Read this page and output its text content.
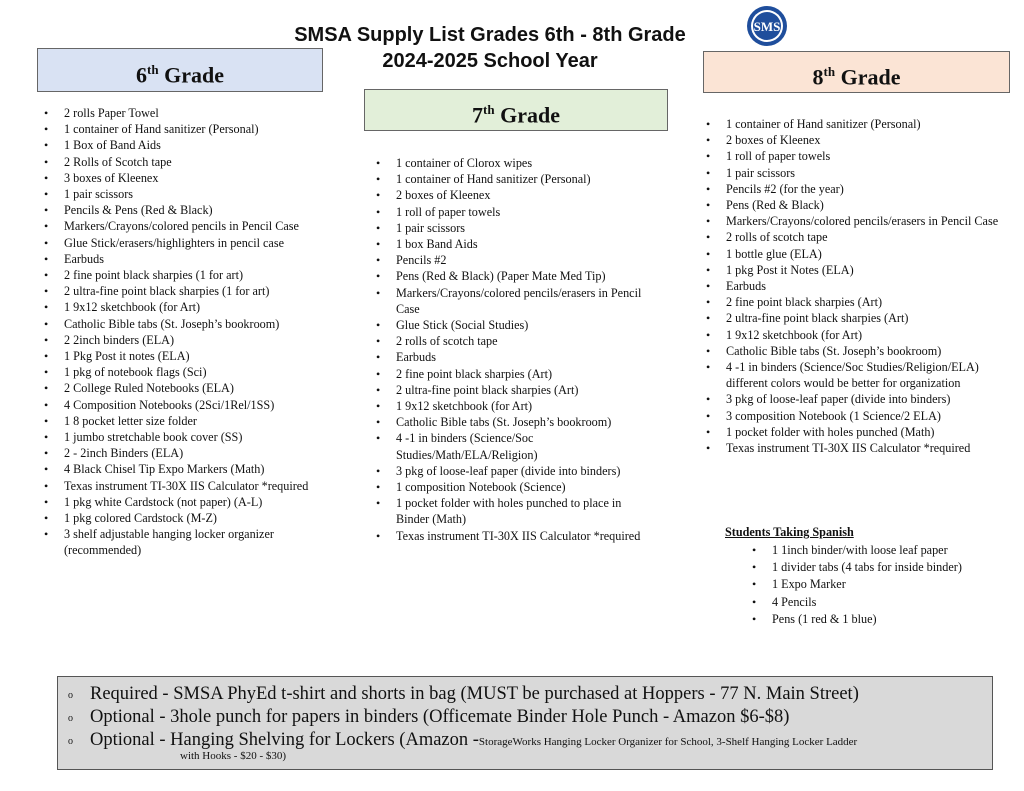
SMSA Supply List Grades 6th - 8th Grade
2024-2025 School Year
SMS
6th Grade
7th Grade
8th Grade
• 2 rolls Paper Towel
• 1 container of Hand sanitizer (Personal)
• 1 Box of Band Aids
• 2 Rolls of Scotch tape
• 3 boxes of Kleenex
• 1 pair scissors
• Pencils & Pens (Red & Black)
• Markers/Crayons/colored pencils in Pencil Case
• Glue Stick/erasers/highlighters in pencil case
• Earbuds
• 2 fine point black sharpies (1 for art)
• 2 ultra-fine point black sharpies (1 for art)
• 1 9x12 sketchbook (for Art)
• Catholic Bible tabs (St. Joseph’s bookroom)
• 2 2inch binders (ELA)
• 1 Pkg Post it notes (ELA)
• 1 pkg of notebook flags (Sci)
• 2 College Ruled Notebooks (ELA)
• 4 Composition Notebooks (2Sci/1Rel/1SS)
• 1 8 pocket letter size folder
• 1 jumbo stretchable book cover (SS)
• 2 - 2inch Binders (ELA)
• 4 Black Chisel Tip Expo Markers (Math)
• Texas instrument TI-30X IIS Calculator *required
• 1 pkg white Cardstock (not paper) (A-L)
• 1 pkg colored Cardstock (M-Z)
• 3 shelf adjustable hanging locker organizer (recommended)
• 1 container of Clorox wipes
• 1 container of Hand sanitizer (Personal)
• 2 boxes of Kleenex
• 1 roll of paper towels
• 1 pair scissors
• 1 box Band Aids
• Pencils #2
• Pens (Red & Black) (Paper Mate Med Tip)
• Markers/Crayons/colored pencils/erasers in Pencil Case
• Glue Stick (Social Studies)
• 2 rolls of scotch tape
• Earbuds
• 2 fine point black sharpies (Art)
• 2 ultra-fine point black sharpies (Art)
• 1 9x12 sketchbook (for Art)
• Catholic Bible tabs (St. Joseph’s bookroom)
• 4 -1 in binders (Science/Soc Studies/Math/ELA/Religion)
• 3 pkg of loose-leaf paper (divide into binders)
• 1 composition Notebook (Science)
• 1 pocket folder with holes punched to place in Binder (Math)
• Texas instrument TI-30X IIS Calculator *required
• 1 container of Hand sanitizer (Personal)
• 2 boxes of Kleenex
• 1 roll of paper towels
• 1 pair scissors
• Pencils #2 (for the year)
• Pens (Red & Black)
• Markers/Crayons/colored pencils/erasers in Pencil Case
• 2 rolls of scotch tape
• 1 bottle glue (ELA)
• 1 pkg Post it Notes (ELA)
• Earbuds
• 2 fine point black sharpies (Art)
• 2 ultra-fine point black sharpies (Art)
• 1 9x12 sketchbook (for Art)
• Catholic Bible tabs (St. Joseph’s bookroom)
• 4 -1 in binders (Science/Soc Studies/Religion/ELA) different colors would be better for organization
• 3 pkg of loose-leaf paper (divide into binders)
• 3 composition Notebook (1 Science/2 ELA)
• 1 pocket folder with holes punched (Math)
• Texas instrument TI-30X IIS Calculator *required
Students Taking Spanish
• 1 1inch binder/with loose leaf paper
• 1 divider tabs (4 tabs for inside binder)
• 1 Expo Marker
• 4 Pencils
• Pens (1 red & 1 blue)
o Required - SMSA PhyEd t-shirt and shorts in bag (MUST be purchased at Hoppers - 77 N. Main Street)
o Optional - 3hole punch for papers in binders (Officemate Binder Hole Punch - Amazon $6-$8)
o Optional - Hanging Shelving for Lockers (Amazon -StorageWorks Hanging Locker Organizer for School, 3-Shelf Hanging Locker Ladder
with Hooks - $20 - $30)
